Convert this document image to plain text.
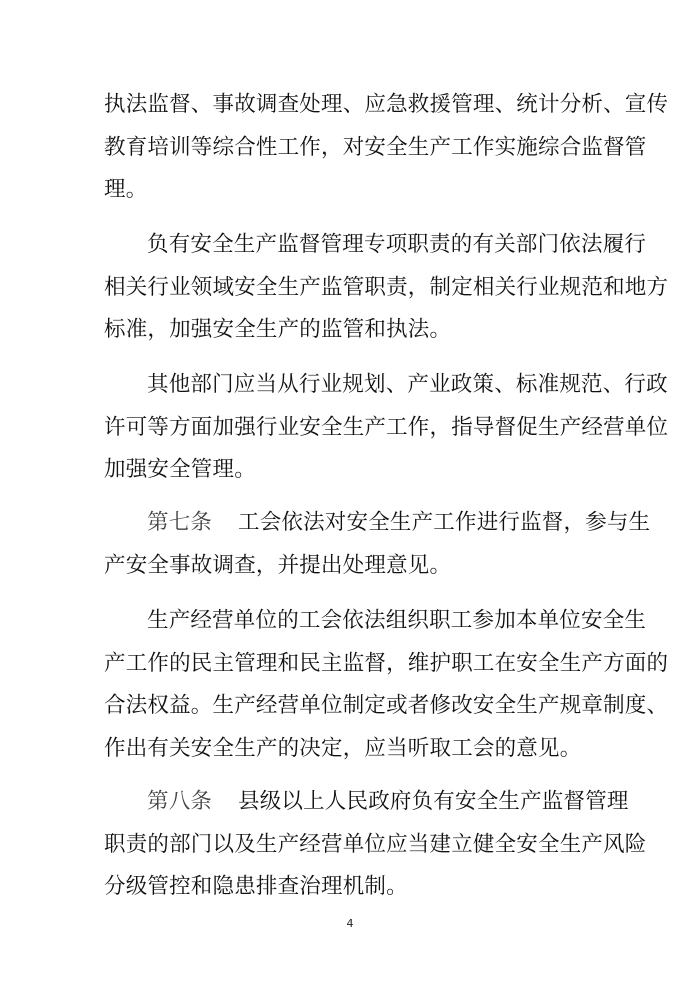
执法监督、事故调查处理、应急救援管理、统计分析、宣传
教育培训等综合性工作，对安全生产工作实施综合监督管
理。
负有安全生产监督管理专项职责的有关部门依法履行
相关行业领域安全生产监管职责，制定相关行业规范和地方
标准，加强安全生产的监管和执法。
其他部门应当从行业规划、产业政策、标准规范、行政
许可等方面加强行业安全生产工作，指导督促生产经营单位
加强安全管理。
第七条 工会依法对安全生产工作进行监督，参与生
产安全事故调查，并提出处理意见。
生产经营单位的工会依法组织职工参加本单位安全生
产工作的民主管理和民主监督，维护职工在安全生产方面的
合法权益。生产经营单位制定或者修改安全生产规章制度、
作出有关安全生产的决定，应当听取工会的意见。
第八条 县级以上人民政府负有安全生产监督管理
职责的部门以及生产经营单位应当建立健全安全生产风险
分级管控和隐患排查治理机制。
4
